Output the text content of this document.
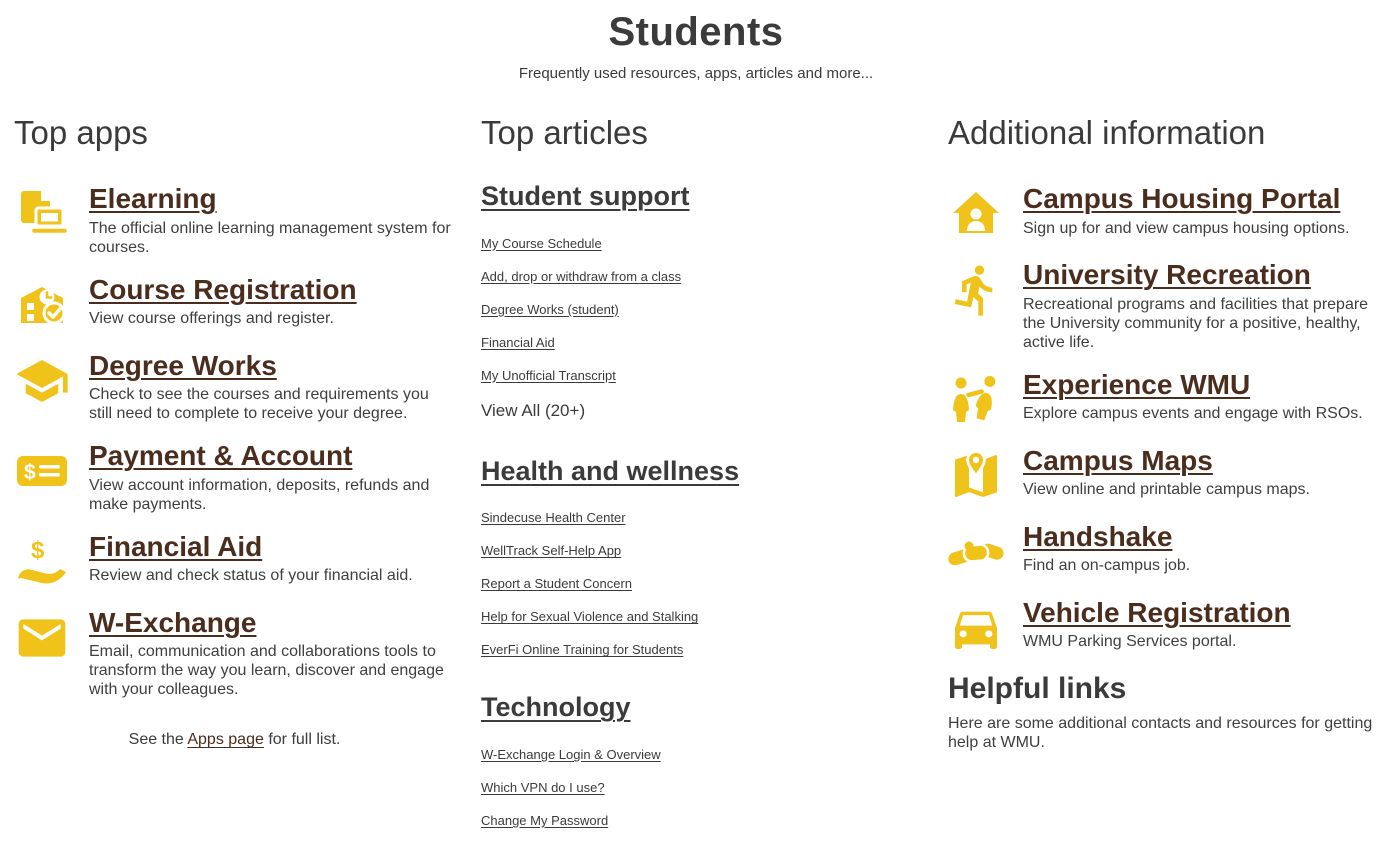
Students
Frequently used resources, apps, articles and more...
Top apps
Elearning

The official online learning management system for courses.

Course Registration

View course offerings and register.

Degree Works

Check to see the courses and requirements you still need to complete to receive your degree.

$
Payment & Account

View account information, deposits, refunds and make payments.

$	Financial Aid

Review and check status of your financial aid.

W-Exchange

Email, communication and collaborations tools to transform the way you learn, discover and engage with your colleagues.

See the Apps page for full list.
Top articles
Student support
My Course Schedule
Add, drop or withdraw from a class
Degree Works (student)
Financial Aid
My Unofficial Transcript
View All (20+)
Health and wellness
Sindecuse Health Center
WellTrack Self-Help App
Report a Student Concern
Help for Sexual Violence and Stalking
EverFi Online Training for Students
Technology
W-Exchange Login & Overview
Which VPN do I use?
Change My Password
Additional information
Campus Housing Portal

Sign up for and view campus housing options.

University Recreation

Recreational programs and facilities that prepare the University community for a positive, healthy, active life.

Experience WMU

Explore campus events and engage with RSOs.

Campus Maps

View online and printable campus maps.

Handshake

Find an on-campus job.

Vehicle Registration

WMU Parking Services portal.

Helpful links

Here are some additional contacts and resources for getting help at WMU.
